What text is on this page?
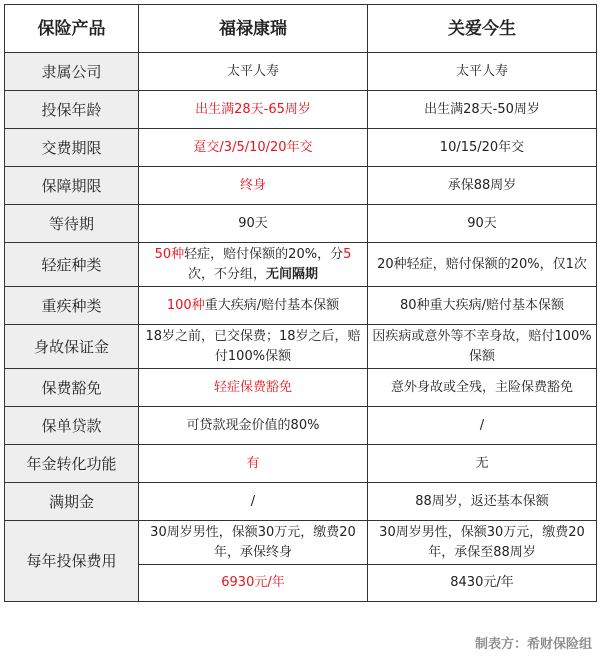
保险产品	福禄康瑞	关爱今生
隶属公司	太平人寿	太平人寿
投保年龄	出生满28天-65周岁	出生满28天-50周岁
交费期限	趸交/3/5/10/20年交	10/15/20年交
保障期限	终身	承保88周岁
等待期	90天	90天
轻症种类	50种轻症，赔付保额的20%，分5次，不分组，无间隔期	20种轻症，赔付保额的20%，仅1次
重疾种类	100种重大疾病/赔付基本保额	80种重大疾病/赔付基本保额
身故保证金	18岁之前，已交保费；18岁之后，赔付100%保额	因疾病或意外等不幸身故，赔付100%保额
保费豁免	轻症保费豁免	意外身故或全残，主险保费豁免
保单贷款	可贷款现金价值的80%	/
年金转化功能	有	无
满期金	/	88周岁，返还基本保额
每年投保费用	30周岁男性，保额30万元，缴费20年，承保终身	30周岁男性，保额30万元，缴费20年，承保至88周岁
	6930元/年	8430元/年
制表方：希财保险组
